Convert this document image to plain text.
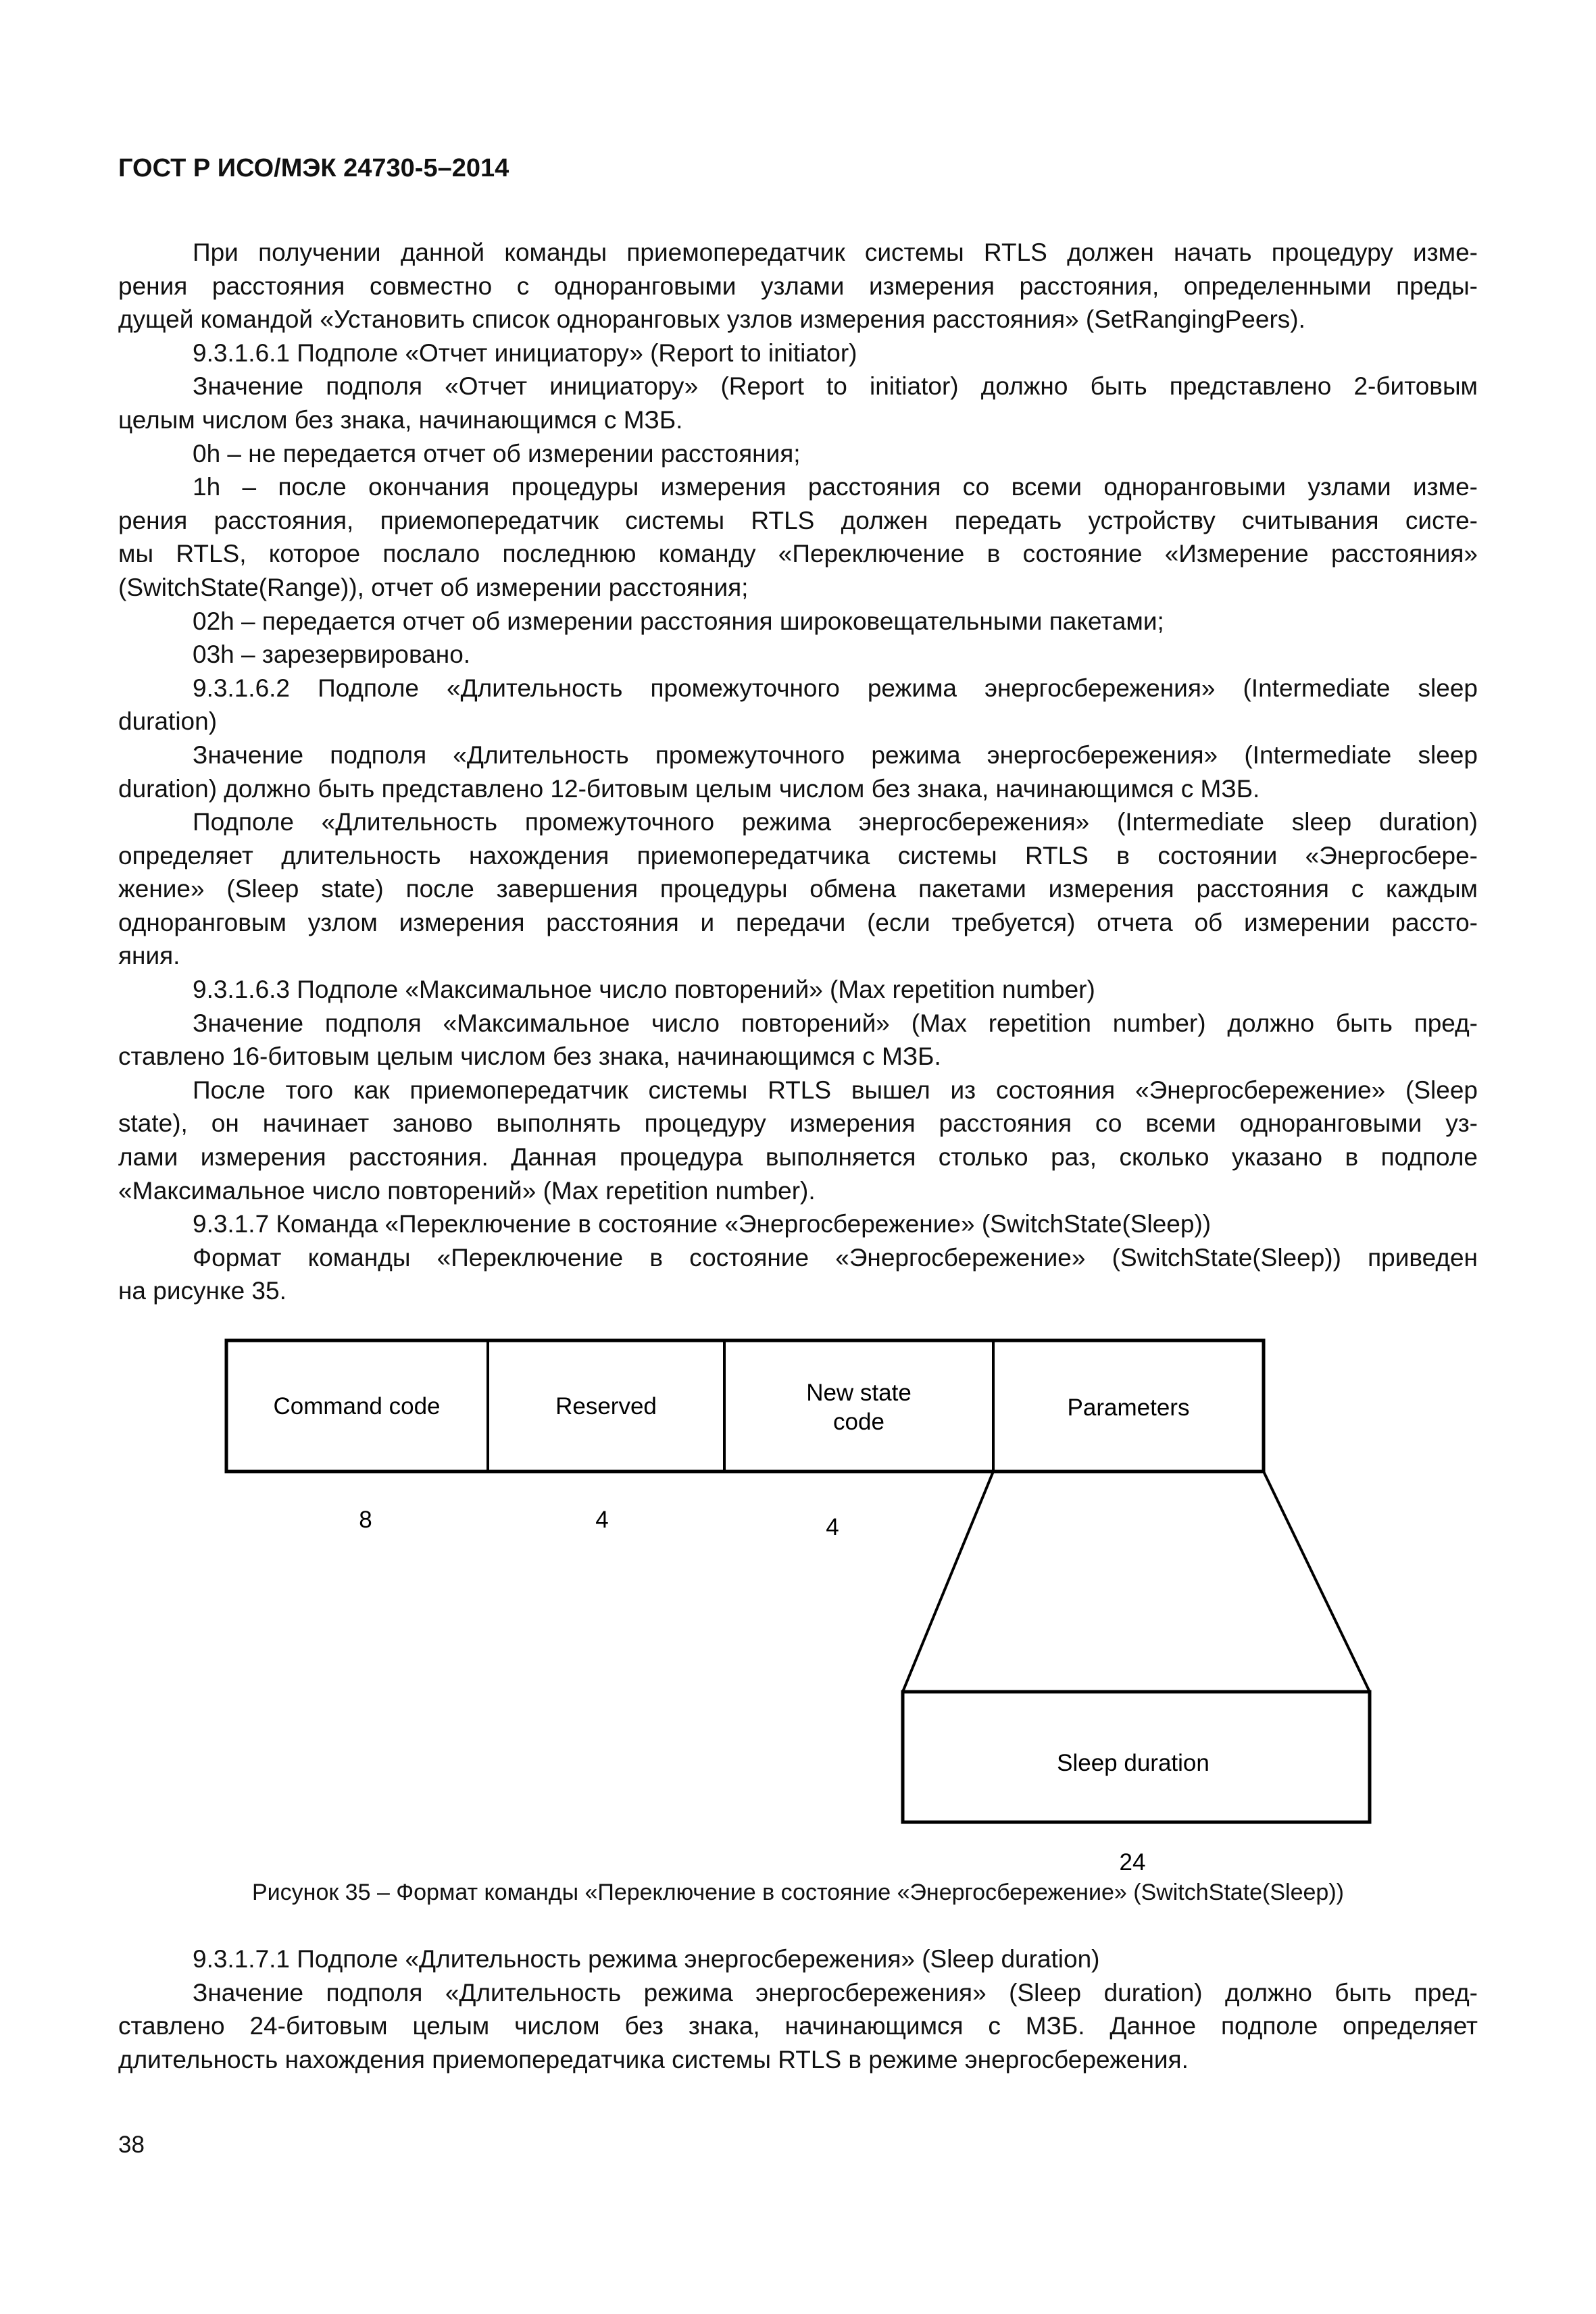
ГОСТ Р ИСО/МЭК 24730-5–2014
При получении данной команды приемопередатчик системы RTLS должен начать процедуру изме-
рения расстояния совместно с одноранговыми узлами измерения расстояния, определенными преды-
дущей командой «Установить список одноранговых узлов измерения расстояния» (SetRangingPeers).
9.3.1.6.1 Подполе «Отчет инициатору» (Report to initiator)
Значение подполя «Отчет инициатору» (Report to initiator) должно быть представлено 2-битовым
целым числом без знака, начинающимся с МЗБ.
0h – не передается отчет об измерении расстояния;
1h – после окончания процедуры измерения расстояния со всеми одноранговыми узлами изме-
рения расстояния, приемопередатчик системы RTLS должен передать устройству считывания систе-
мы RTLS, которое послало последнюю команду «Переключение в состояние «Измерение расстояния»
(SwitchState(Range)), отчет об измерении расстояния;
02h – передается отчет об измерении расстояния широковещательными пакетами;
03h – зарезервировано.
9.3.1.6.2 Подполе «Длительность промежуточного режима энергосбережения» (Intermediate sleep
duration)
Значение подполя «Длительность промежуточного режима энергосбережения» (Intermediate sleep
duration) должно быть представлено 12-битовым целым числом без знака, начинающимся с МЗБ.
Подполе «Длительность промежуточного режима энергосбережения» (Intermediate sleep duration)
определяет длительность нахождения приемопередатчика системы RTLS в состоянии «Энергосбере-
жение» (Sleep state) после завершения процедуры обмена пакетами измерения расстояния с каждым
одноранговым узлом измерения расстояния и передачи (если требуется) отчета об измерении рассто-
яния.
9.3.1.6.3 Подполе «Максимальное число повторений» (Max repetition number)
Значение подполя «Максимальное число повторений» (Max repetition number) должно быть пред-
ставлено 16-битовым целым числом без знака, начинающимся с МЗБ.
После того как приемопередатчик системы RTLS вышел из состояния «Энергосбережение» (Sleep
state), он начинает заново выполнять процедуру измерения расстояния со всеми одноранговыми уз-
лами измерения расстояния. Данная процедура выполняется столько раз, сколько указано в подполе
«Максимальное число повторений» (Max repetition number).
9.3.1.7 Команда «Переключение в состояние «Энергосбережение» (SwitchState(Sleep))
Формат команды «Переключение в состояние «Энергосбережение» (SwitchState(Sleep)) приведен
на рисунке 35.
Command code	Reserved
New state
code
Parameters
8	4	4
Sleep duration
24
Рисунок 35 – Формат команды «Переключение в состояние «Энергосбережение» (SwitchState(Sleep))
9.3.1.7.1 Подполе «Длительность режима энергосбережения» (Sleep duration)
Значение подполя «Длительность режима энергосбережения» (Sleep duration) должно быть пред-
ставлено 24-битовым целым числом без знака, начинающимся с МЗБ. Данное подполе определяет
длительность нахождения приемопередатчика системы RTLS в режиме энергосбережения.
38
